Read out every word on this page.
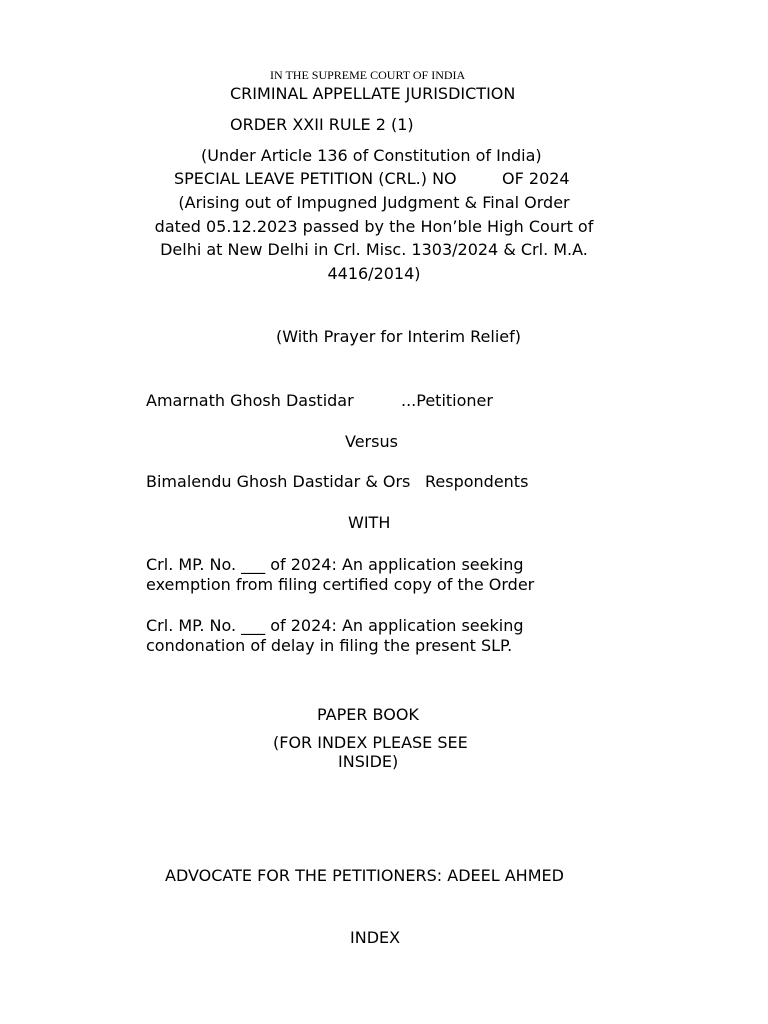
IN THE SUPREME COURT OF INDIA
CRIMINAL APPELLATE JURISDICTION
ORDER XXII RULE 2 (1)
(Under Article 136 of Constitution of India)
SPECIAL LEAVE PETITION (CRL.) NO	OF 2024
(Arising out of Impugned Judgment & Final Order
dated 05.12.2023 passed by the Hon’ble High Court of
Delhi at New Delhi in Crl. Misc. 1303/2024 & Crl. M.A.
4416/2014)
(With Prayer for Interim Relief)
Amarnath Ghosh Dastidar	...Petitioner
Versus
Bimalendu Ghosh Dastidar & Ors Respondents
WITH
Crl. MP. No. ___ of 2024: An application seeking
exemption from filing certified copy of the Order
Crl. MP. No. ___ of 2024: An application seeking
condonation of delay in filing the present SLP.
PAPER BOOK
(FOR INDEX PLEASE SEE
INSIDE)
ADVOCATE FOR THE PETITIONERS: ADEEL AHMED
INDEX
